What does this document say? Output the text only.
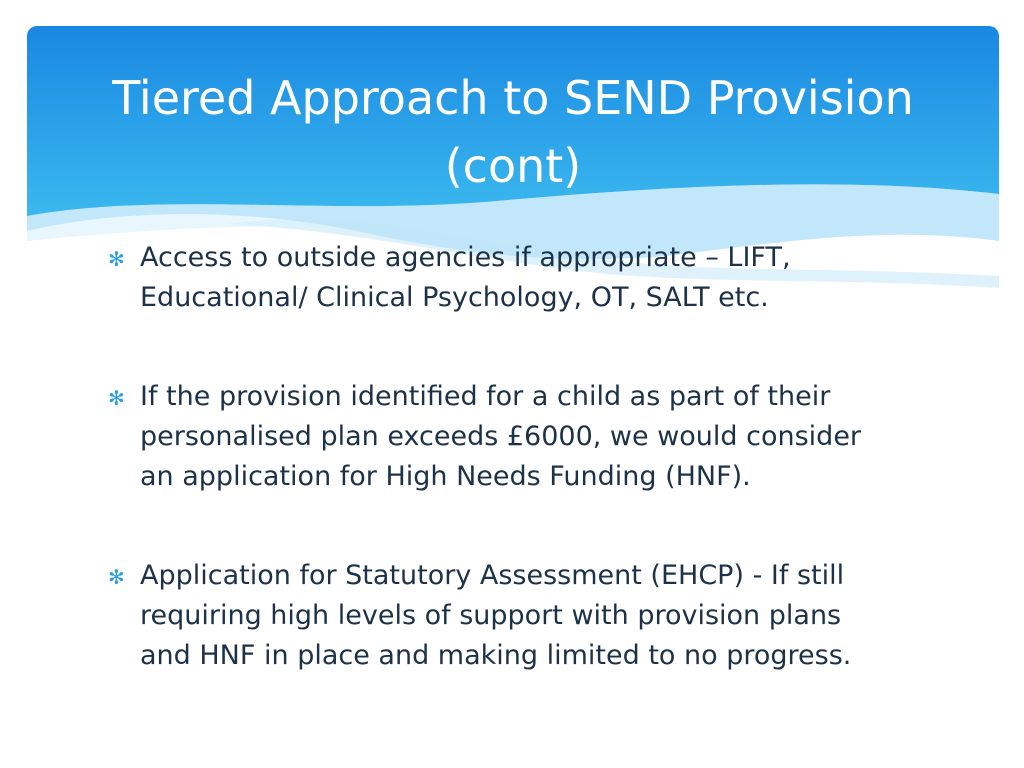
Tiered Approach to SEND Provision
(cont)
✻ Access to outside agencies if appropriate – LIFT,
Educational/ Clinical Psychology, OT, SALT etc.
✻ If the provision identified for a child as part of their
personalised plan exceeds £6000, we would consider
an application for High Needs Funding (HNF).
✻ Application for Statutory Assessment (EHCP) - If still
requiring high levels of support with provision plans
and HNF in place and making limited to no progress.
